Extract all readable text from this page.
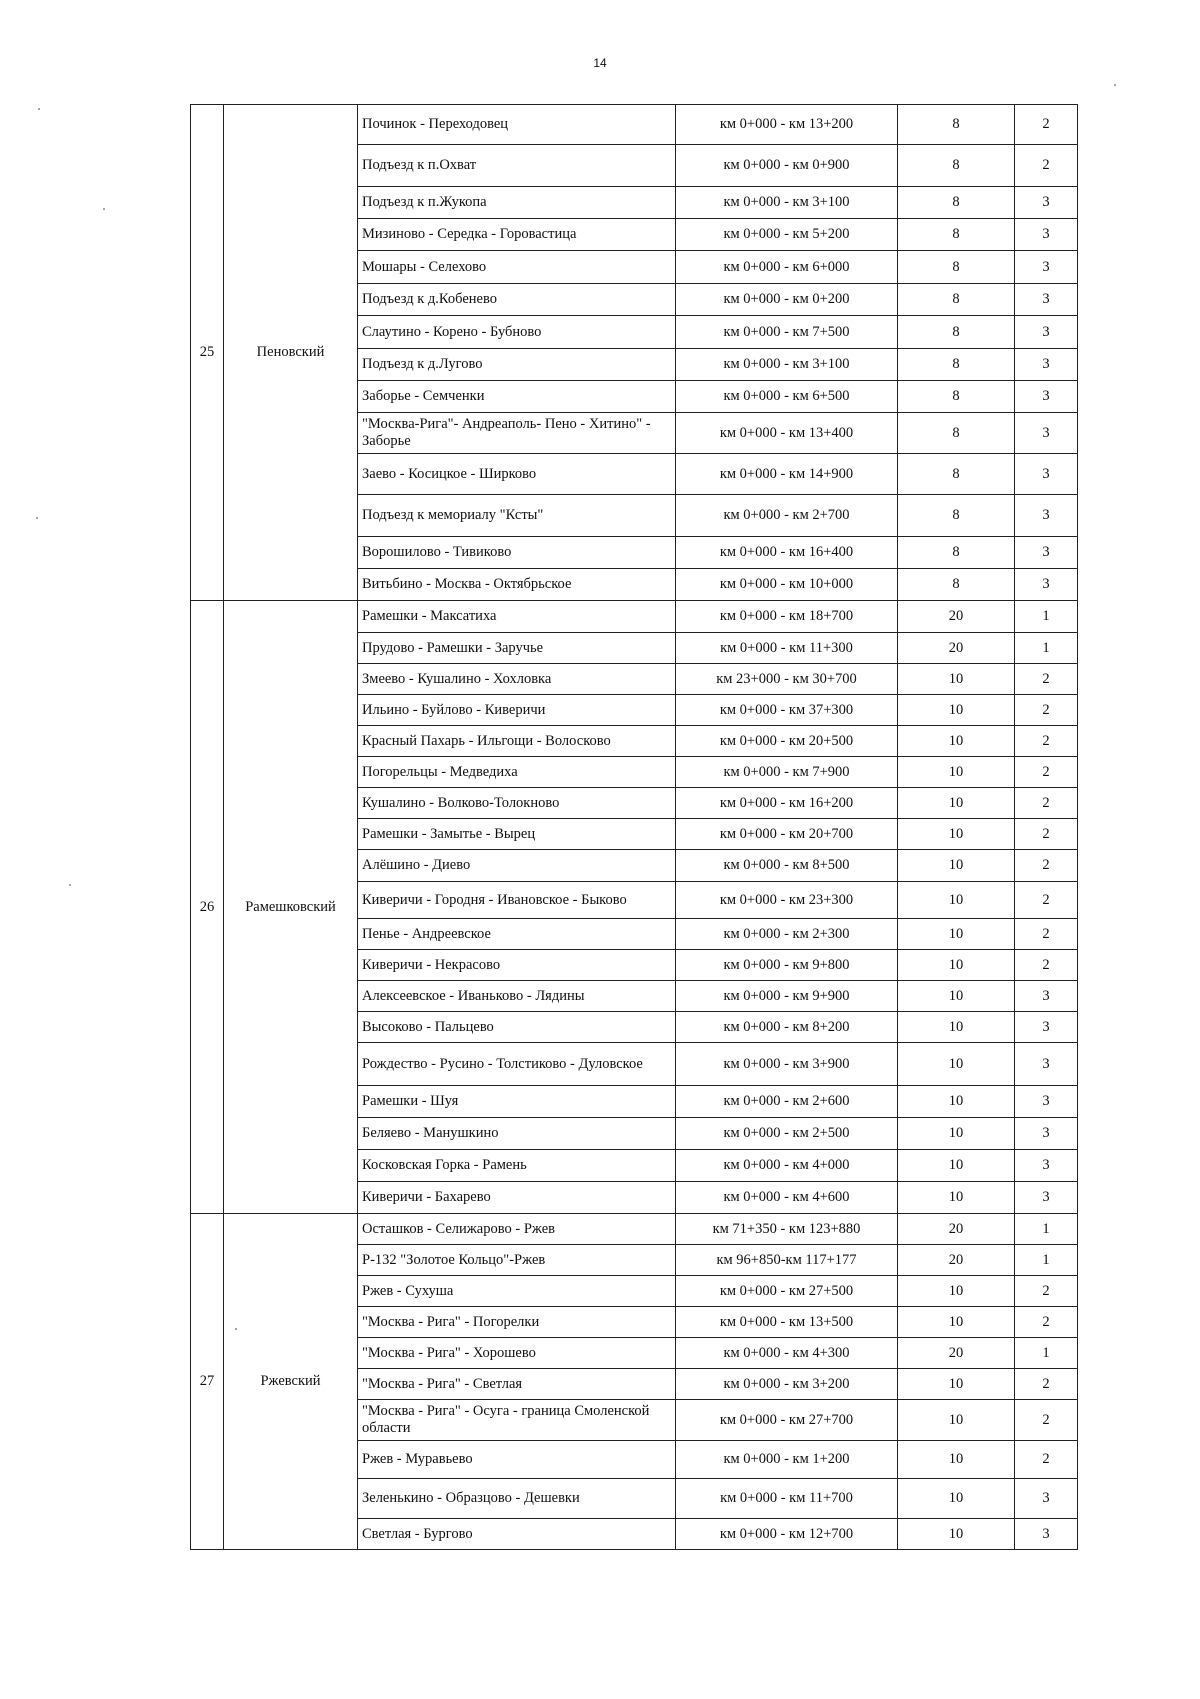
14
25	Пеновский	Починок - Переходовец	км 0+000 - км 13+200	8	2
		Подъезд к п.Охват	км 0+000 - км 0+900	8	2
		Подъезд к п.Жукопа	км 0+000 - км 3+100	8	3
		Мизиново - Середка - Горовастица	км 0+000 - км 5+200	8	3
		Мошары - Селехово	км 0+000 - км 6+000	8	3
		Подъезд к д.Кобенево	км 0+000 - км 0+200	8	3
		Слаутино - Корено - Бубново	км 0+000 - км 7+500	8	3
		Подъезд к д.Лугово	км 0+000 - км 3+100	8	3
		Заборье - Семченки	км 0+000 - км 6+500	8	3
		"Москва-Рига"- Андреаполь- Пено - Хитино" - Заборье	км 0+000 - км 13+400	8	3
		Заево - Косицкое - Ширково	км 0+000 - км 14+900	8	3
		Подъезд к мемориалу "Ксты"	км 0+000 - км 2+700	8	3
		Ворошилово - Тивиково	км 0+000 - км 16+400	8	3
		Витьбино - Москва - Октябрьское	км 0+000 - км 10+000	8	3
26	Рамешковский	Рамешки - Максатиха	км 0+000 - км 18+700	20	1
		Прудово - Рамешки - Заручье	км 0+000 - км 11+300	20	1
		Змеево - Кушалино - Хохловка	км 23+000 - км 30+700	10	2
		Ильино - Буйлово - Киверичи	км 0+000 - км 37+300	10	2
		Красный Пахарь - Ильгощи - Волосково	км 0+000 - км 20+500	10	2
		Погорельцы - Медведиха	км 0+000 - км 7+900	10	2
		Кушалино - Волково-Толокново	км 0+000 - км 16+200	10	2
		Рамешки - Замытье - Вырец	км 0+000 - км 20+700	10	2
		Алёшино - Диево	км 0+000 - км 8+500	10	2
		Киверичи - Городня - Ивановское - Быково	км 0+000 - км 23+300	10	2
		Пенье - Андреевское	км 0+000 - км 2+300	10	2
		Киверичи - Некрасово	км 0+000 - км 9+800	10	2
		Алексеевское - Иваньково - Лядины	км 0+000 - км 9+900	10	3
		Высоково - Пальцево	км 0+000 - км 8+200	10	3
		Рождество - Русино - Толстиково - Дуловское	км 0+000 - км 3+900	10	3
		Рамешки - Шуя	км 0+000 - км 2+600	10	3
		Беляево - Манушкино	км 0+000 - км 2+500	10	3
		Косковская Горка - Рамень	км 0+000 - км 4+000	10	3
		Киверичи - Бахарево	км 0+000 - км 4+600	10	3
27	Ржевский	Осташков - Селижарово - Ржев	км 71+350 - км 123+880	20	1
		Р-132 "Золотое Кольцо"-Ржев	км 96+850-км 117+177	20	1
		Ржев - Сухуша	км 0+000 - км 27+500	10	2
		"Москва - Рига" - Погорелки	км 0+000 - км 13+500	10	2
		"Москва - Рига" - Хорошево	км 0+000 - км 4+300	20	1
		"Москва - Рига" - Светлая	км 0+000 - км 3+200	10	2
		"Москва - Рига" - Осуга - граница Смоленской области	км 0+000 - км 27+700	10	2
		Ржев - Муравьево	км 0+000 - км 1+200	10	2
		Зеленькино - Образцово - Дешевки	км 0+000 - км 11+700	10	3
		Светлая - Бургово	км 0+000 - км 12+700	10	3
